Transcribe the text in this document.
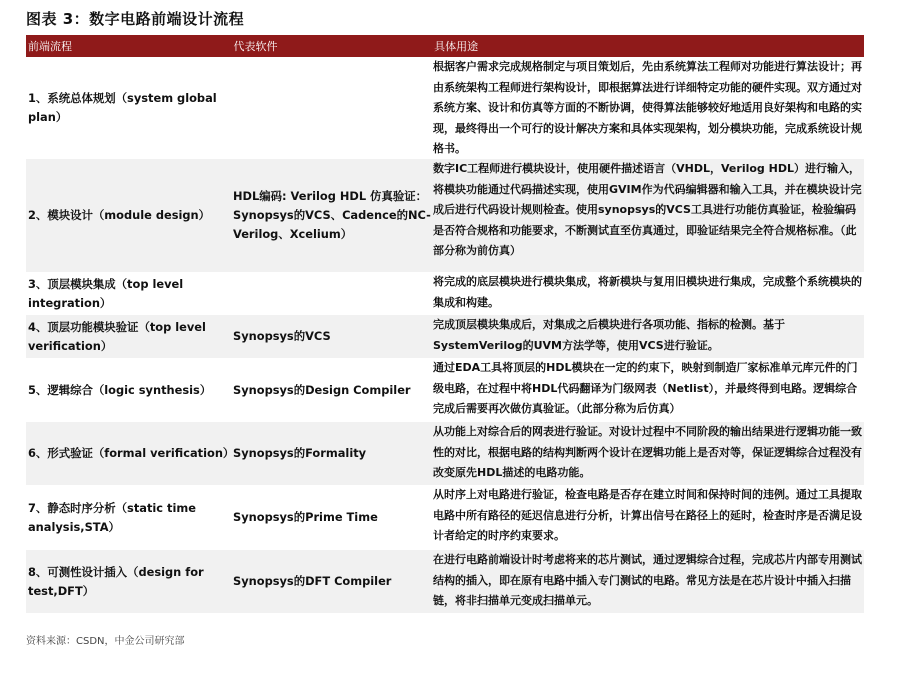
图表 3：数字电路前端设计流程
前端流程	代表软件	具体用途
1、系统总体规划（system global plan）
根据客户需求完成规格制定与项目策划后，先由系统算法工程师对功能进行算法设计；再由系统架构工程师进行架构设计，即根据算法进行详细特定功能的硬件实现。双方通过对系统方案、设计和仿真等方面的不断协调，使得算法能够较好地适用良好架构和电路的实现，最终得出一个可行的设计解决方案和具体实现架构，划分模块功能，完成系统设计规格书。
2、模块设计（module design）
HDL编码: Verilog HDL 仿真验证：Synopsys的VCS、Cadence的NC-Verilog、Xcelium）
数字IC工程师进行模块设计，使用硬件描述语言（VHDL，Verilog HDL）进行输入，将模块功能通过代码描述实现，使用GVIM作为代码编辑器和输入工具，并在模块设计完成后进行代码设计规则检查。使用synopsys的VCS工具进行功能仿真验证，检验编码是否符合规格和功能要求，不断测试直至仿真通过，即验证结果完全符合规格标准。（此部分称为前仿真）
3、顶层模块集成（top level integration）
将完成的底层模块进行模块集成，将新模块与复用旧模块进行集成，完成整个系统模块的集成和构建。
4、顶层功能模块验证（top level verification）
Synopsys的VCS
完成顶层模块集成后，对集成之后模块进行各项功能、指标的检测。基于SystemVerilog的UVM方法学等，使用VCS进行验证。
5、逻辑综合（logic synthesis） Synopsys的Design Compiler
通过EDA工具将顶层的HDL模块在一定的约束下，映射到制造厂家标准单元库元件的门级电路，在过程中将HDL代码翻译为门级网表（Netlist），并最终得到电路。逻辑综合完成后需要再次做仿真验证。（此部分称为后仿真）
6、形式验证（formal verification）
Synopsys的Formality
从功能上对综合后的网表进行验证。对设计过程中不同阶段的输出结果进行逻辑功能一致性的对比，根据电路的结构判断两个设计在逻辑功能上是否对等，保证逻辑综合过程没有改变原先HDL描述的电路功能。
7、静态时序分析（static time analysis,STA）
Synopsys的Prime Time
从时序上对电路进行验证，检查电路是否存在建立时间和保持时间的违例。通过工具提取电路中所有路径的延迟信息进行分析，计算出信号在路径上的延时，检查时序是否满足设计者给定的时序约束要求。
8、可测性设计插入（design for test,DFT）
Synopsys的DFT Compiler
在进行电路前端设计时考虑将来的芯片测试，通过逻辑综合过程，完成芯片内部专用测试结构的插入，即在原有电路中插入专门测试的电路。常见方法是在芯片设计中插入扫描链，将非扫描单元变成扫描单元。
资料来源：CSDN，中金公司研究部
